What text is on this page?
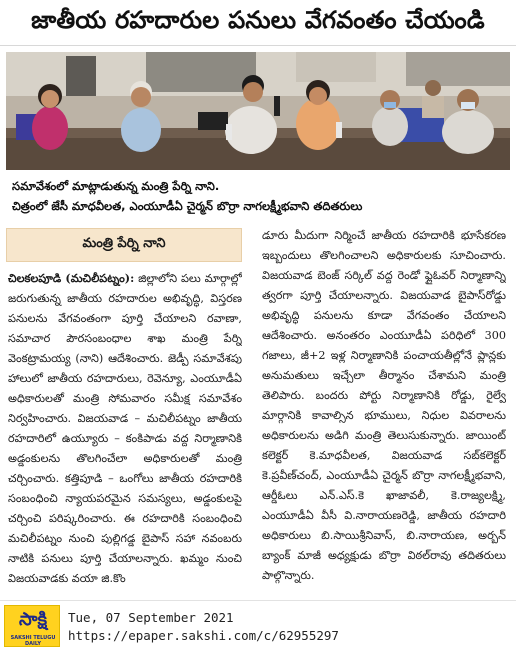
జాతీయ రహదారుల పనులు వేగవంతం చేయండి
సమావేశంలో మాట్లాడుతున్న మంత్రి పేర్ని నాని.
చిత్రంలో జేసీ మాధవీలత, ఎంయూడీఏ చైర్మన్ బొర్రా నాగలక్ష్మీభవాని తదితరులు
మంత్రి పేర్ని నాని
చిలకలపూడి (మచిలీపట్నం): జిల్లాలోని పలు మార్గాల్లో జరుగుతున్న జాతీయ రహదారుల అభివృద్ధి, విస్తరణ పనులను వేగవంతంగా పూర్తి చేయాలని రవాణా, సమాచార పౌరసంబంధాల శాఖ మంత్రి పేర్ని వెంకట్రామయ్య (నాని) ఆదేశించారు. జెడ్పీ సమావేశపు హాలులో జాతీయ రహదారులు, రెవెన్యూ, ఎంయూడీఏ అధికారులతో మంత్రి సోమవారం సమీక్ష సమావేశం నిర్వహించారు. విజయవాడ – మచిలీపట్నం జాతీయ రహదారిలో ఉయ్యూరు – కంకిపాడు వద్ద నిర్మాణానికి అడ్డంకులను తొలగించేలా అధికారులతో మంత్రి చర్చించారు. కత్తిపూడి – ఒంగోలు జాతీయ రహదారికి సంబంధించి న్యాయపరమైన సమస్యలు, అడ్డంకులపై చర్చించి పరిష్కరించారు. ఈ రహదారికి సంబంధించి మచిలీపట్నం నుంచి పుల్లిగడ్డ బైపాస్ సహా నవంబరు నాటికి పనులు పూర్తి చేయాలన్నారు. ఖమ్మం నుంచి విజయవాడకు వయా జి.కొం
డూరు మీదుగా నిర్మించే జాతీయ రహదారికి భూసేకరణ ఇబ్బందులు తొలగించాలని అధికారులకు సూచించారు. విజయవాడ బెంజ్ సర్కిల్ వద్ద రెండో ఫ్లైఓవర్ నిర్మాణాన్ని త్వరగా పూర్తి చేయాలన్నారు. విజయవాడ బైపాస్‌రోడ్డు అభివృద్ధి పనులను కూడా వేగవంతం చేయాలని ఆదేశించారు. అనంతరం ఎంయూడీఏ పరిధిలో 300 గజాలు, జీ+2 ఇళ్ల నిర్మాణానికి పంచాయతీల్లోనే ప్లాన్లకు అనుమతులు ఇచ్చేలా తీర్మానం చేశామని మంత్రి తెలిపారు. బందరు పోర్టు నిర్మాణానికి రోడ్డు, రైల్వే మార్గానికి కావాల్సిన భూములు, నిధుల వివరాలను అధికారులను అడిగి మంత్రి తెలుసుకున్నారు. జాయింట్ కలెక్టర్ కె.మాధవీలత, విజయవాడ సబ్‌కలెక్టర్ కె.ప్రవీణ్‌చంద్, ఎంయూడీఏ చైర్మన్ బొర్రా నాగలక్ష్మీభవాని, ఆర్డీఓలు ఎన్.ఎస్.కె ఖాజావలీ, కె.రాజ్యలక్ష్మి, ఎంయూడీఏ వీసీ వి.నారాయణరెడ్డి, జాతీయ రహదారి అధికారులు బి.సాయిశ్రీనివాస్, బి.నారాయణ, అర్బన్ బ్యాంక్ మాజీ అధ్యక్షుడు బొర్రా విఠల్‌రావు తదితరులు పాల్గొన్నారు.
సాక్షి
SAKSHI TELUGU DAILY
Tue, 07 September 2021
https://epaper.sakshi.com/c/62955297
